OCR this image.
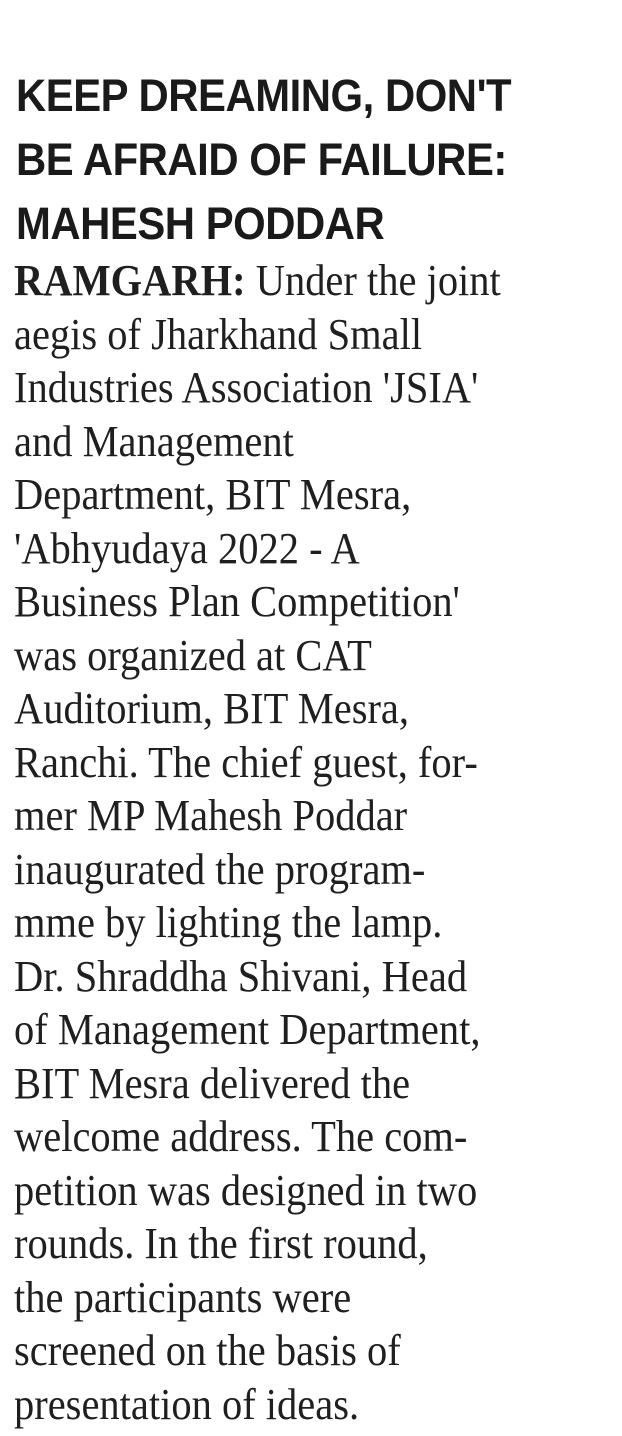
KEEP DREAMING, DON'T
BE AFRAID OF FAILURE:
MAHESH PODDAR
RAMGARH: Under the joint
aegis of Jharkhand Small
Industries Association 'JSIA'
and Management
Department, BIT Mesra,
'Abhyudaya 2022 - A
Business Plan Competition'
was organized at CAT
Auditorium, BIT Mesra,
Ranchi. The chief guest, for-
mer MP Mahesh Poddar
inaugurated the program-
mme by lighting the lamp.
Dr. Shraddha Shivani, Head
of Management Department,
BIT Mesra delivered the
welcome address. The com-
petition was designed in two
rounds. In the first round,
the participants were
screened on the basis of
presentation of ideas.
